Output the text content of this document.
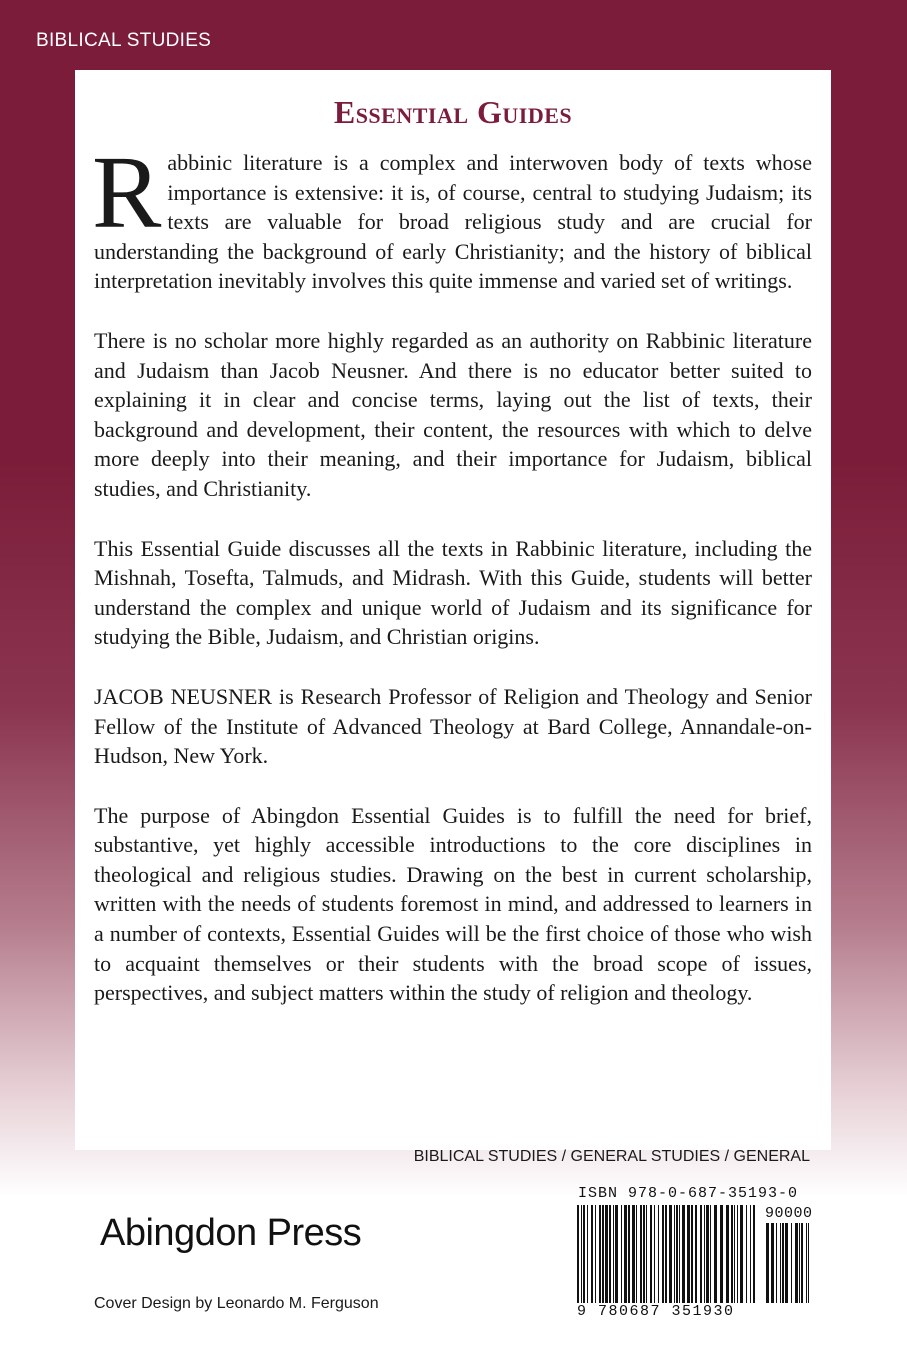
BIBLICAL STUDIES
Essential Guides

Rabbinic literature is a complex and interwoven body of texts whose importance is extensive: it is, of course, central to studying Judaism; its texts are valuable for broad religious study and are crucial for understanding the background of early Christianity; and the history of biblical interpretation inevitably involves this quite immense and varied set of writings.

There is no scholar more highly regarded as an authority on Rabbinic literature and Judaism than Jacob Neusner. And there is no educator better suited to explaining it in clear and concise terms, laying out the list of texts, their background and development, their content, the resources with which to delve more deeply into their meaning, and their importance for Judaism, biblical studies, and Christianity.

This Essential Guide discusses all the texts in Rabbinic literature, including the Mishnah, Tosefta, Talmuds, and Midrash. With this Guide, students will better understand the complex and unique world of Judaism and its significance for studying the Bible, Judaism, and Christian origins.

JACOB NEUSNER is Research Professor of Religion and Theology and Senior Fellow of the Institute of Advanced Theology at Bard College, Annandale-on-Hudson, New York.

The purpose of Abingdon Essential Guides is to fulfill the need for brief, substantive, yet highly accessible introductions to the core disciplines in theological and religious studies. Drawing on the best in current scholarship, written with the needs of students foremost in mind, and addressed to learners in a number of contexts, Essential Guides will be the first choice of those who wish to acquaint themselves or their students with the broad scope of issues, perspectives, and subject matters within the study of religion and theology.

BIBLICAL STUDIES / GENERAL STUDIES / GENERAL
Abingdon Press
Cover Design by Leonardo M. Ferguson
ISBN 978-0-687-35193-0
90000
9 780687 351930
